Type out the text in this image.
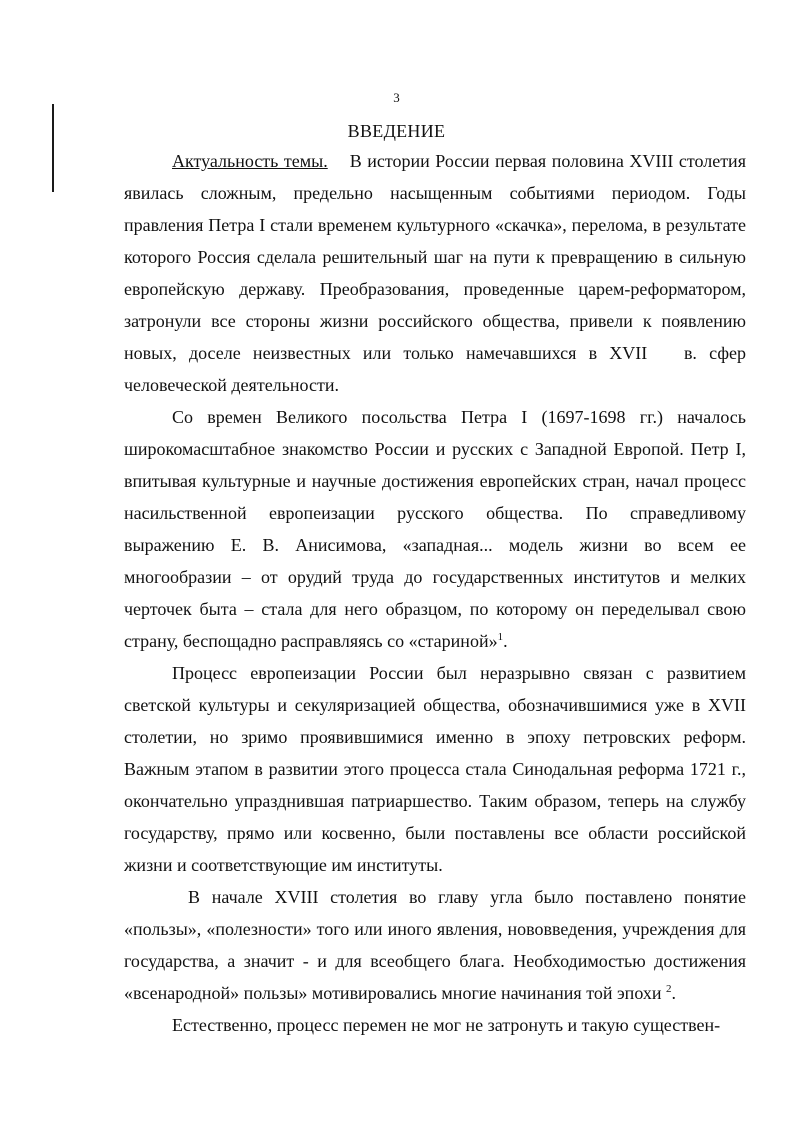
3
ВВЕДЕНИЕ

Актуальность темы. В истории России первая половина XVIII столетия явилась сложным, предельно насыщенным событиями периодом. Годы правления Петра I стали временем культурного «скачка», перелома, в результате которого Россия сделала решительный шаг на пути к превращению в сильную европейскую державу. Преобразования, проведенные царем-реформатором, затронули все стороны жизни российского общества, привели к появлению новых, доселе неизвестных или только намечавшихся в XVII в. сфер человеческой деятельности.

Со времен Великого посольства Петра I (1697-1698 гг.) началось широкомасштабное знакомство России и русских с Западной Европой. Петр I, впитывая культурные и научные достижения европейских стран, начал процесс насильственной европеизации русского общества. По справедливому выражению Е. В. Анисимова, «западная... модель жизни во всем ее многообразии – от орудий труда до государственных институтов и мелких черточек быта – стала для него образцом, по которому он переделывал свою страну, беспощадно расправляясь со «стариной»$^1$.

Процесс европеизации России был неразрывно связан с развитием светской культуры и секуляризацией общества, обозначившимися уже в XVII столетии, но зримо проявившимися именно в эпоху петровских реформ. Важным этапом в развитии этого процесса стала Синодальная реформа 1721 г., окончательно упразднившая патриаршество. Таким образом, теперь на службу государству, прямо или косвенно, были поставлены все области российской жизни и соответствующие им институты.

В начале XVIII столетия во главу угла было поставлено понятие «пользы», «полезности» того или иного явления, нововведения, учреждения для государства, а значит - и для всеобщего блага. Необходимостью достижения «всенародной» пользы» мотивировались многие начинания той эпохи $^2$.

Естественно, процесс перемен не мог не затронуть и такую существен-
